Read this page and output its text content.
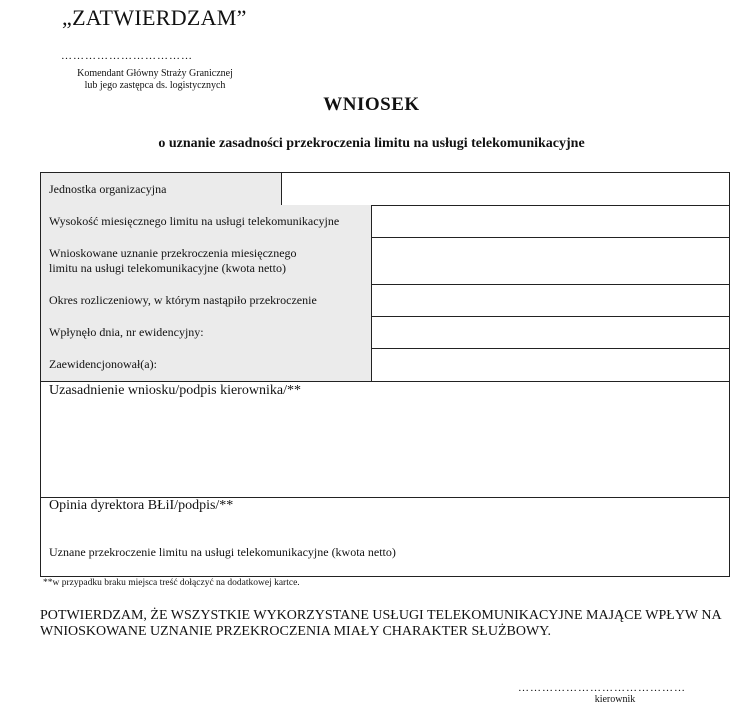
„ZATWIERDZAM”
……………………………
Komendant Główny Straży Granicznej
lub jego zastępca ds. logistycznych
WNIOSEK
o uznanie zasadności przekroczenia limitu na usługi telekomunikacyjne
Jednostka organizacyjna
Wysokość miesięcznego limitu na usługi telekomunikacyjne
Wnioskowane uznanie przekroczenia miesięcznego
limitu na usługi telekomunikacyjne (kwota netto)
Okres rozliczeniowy, w którym nastąpiło przekroczenie
Wpłynęło dnia, nr ewidencyjny:
Zaewidencjonował(a):
Uzasadnienie wniosku/podpis kierownika/**
Opinia dyrektora BŁiI/podpis/**
Uznane przekroczenie limitu na usługi telekomunikacyjne (kwota netto)
**w przypadku braku miejsca treść dołączyć na dodatkowej kartce.
POTWIERDZAM, ŻE WSZYSTKIE WYKORZYSTANE USŁUGI TELEKOMUNIKACYJNE MAJĄCE WPŁYW NA WNIOSKOWANE UZNANIE PRZEKROCZENIA MIAŁY CHARAKTER SŁUŻBOWY.
……………………………………
kierownik
